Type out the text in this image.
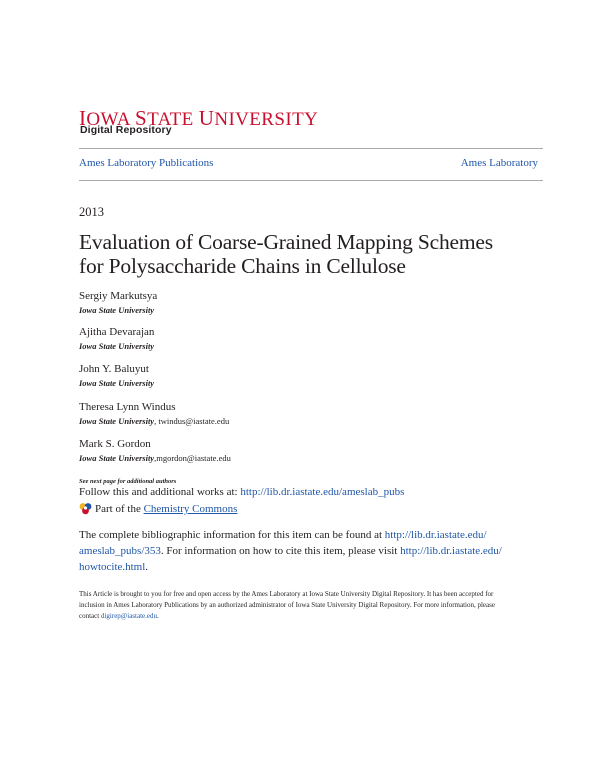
IOWA STATE UNIVERSITY
Digital Repository
Ames Laboratory Publications	Ames Laboratory
2013
Evaluation of Coarse-Grained Mapping Schemes
for Polysaccharide Chains in Cellulose
Sergiy Markutsya
Iowa State University
Ajitha Devarajan
Iowa State University
John Y. Baluyut
Iowa State University
Theresa Lynn Windus
Iowa State University, twindus@iastate.edu
Mark S. Gordon
Iowa State University,mgordon@iastate.edu
See next page for additional authors
Follow this and additional works at: http://lib.dr.iastate.edu/ameslab_pubs
Part of the Chemistry Commons
The complete bibliographic information for this item can be found at http://lib.dr.iastate.edu/
ameslab_pubs/353. For information on how to cite this item, please visit http://lib.dr.iastate.edu/
howtocite.html.
This Article is brought to you for free and open access by the Ames Laboratory at Iowa State University Digital Repository. It has been accepted for
inclusion in Ames Laboratory Publications by an authorized administrator of Iowa State University Digital Repository. For more information, please
contact digirep@iastate.edu.
